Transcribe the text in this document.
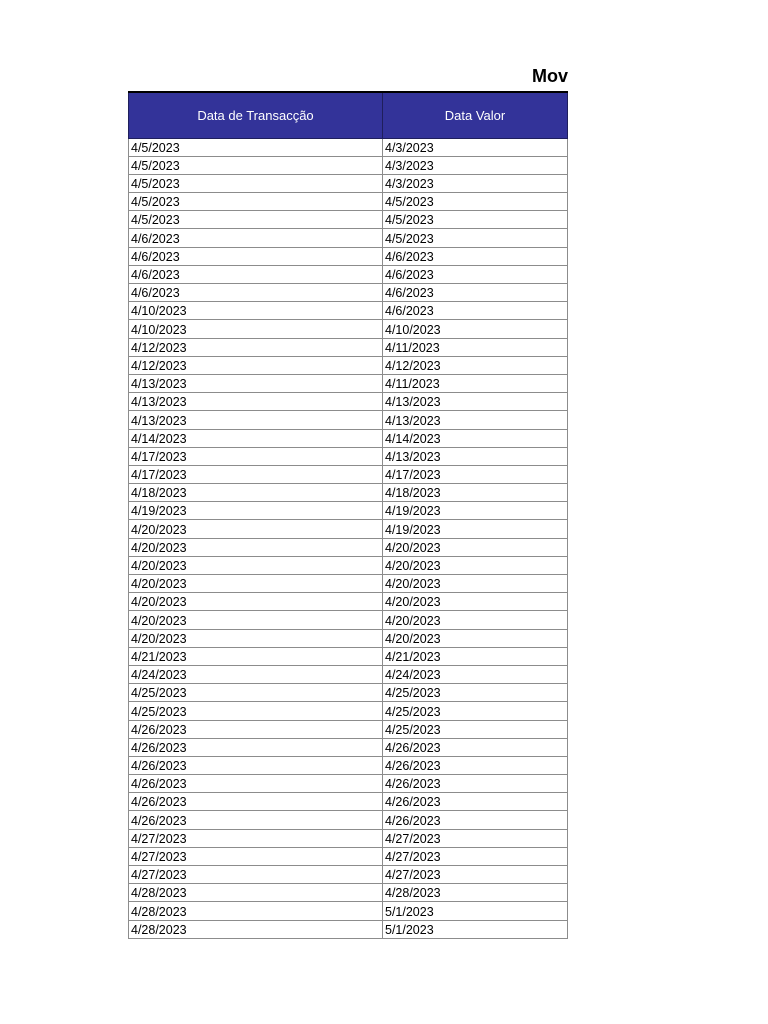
Mov
Data de Transacção	Data Valor
4/5/2023	4/3/2023
4/5/2023	4/3/2023
4/5/2023	4/3/2023
4/5/2023	4/5/2023
4/5/2023	4/5/2023
4/6/2023	4/5/2023
4/6/2023	4/6/2023
4/6/2023	4/6/2023
4/6/2023	4/6/2023
4/10/2023	4/6/2023
4/10/2023	4/10/2023
4/12/2023	4/11/2023
4/12/2023	4/12/2023
4/13/2023	4/11/2023
4/13/2023	4/13/2023
4/13/2023	4/13/2023
4/14/2023	4/14/2023
4/17/2023	4/13/2023
4/17/2023	4/17/2023
4/18/2023	4/18/2023
4/19/2023	4/19/2023
4/20/2023	4/19/2023
4/20/2023	4/20/2023
4/20/2023	4/20/2023
4/20/2023	4/20/2023
4/20/2023	4/20/2023
4/20/2023	4/20/2023
4/20/2023	4/20/2023
4/21/2023	4/21/2023
4/24/2023	4/24/2023
4/25/2023	4/25/2023
4/25/2023	4/25/2023
4/26/2023	4/25/2023
4/26/2023	4/26/2023
4/26/2023	4/26/2023
4/26/2023	4/26/2023
4/26/2023	4/26/2023
4/26/2023	4/26/2023
4/27/2023	4/27/2023
4/27/2023	4/27/2023
4/27/2023	4/27/2023
4/28/2023	4/28/2023
4/28/2023	5/1/2023
4/28/2023	5/1/2023
